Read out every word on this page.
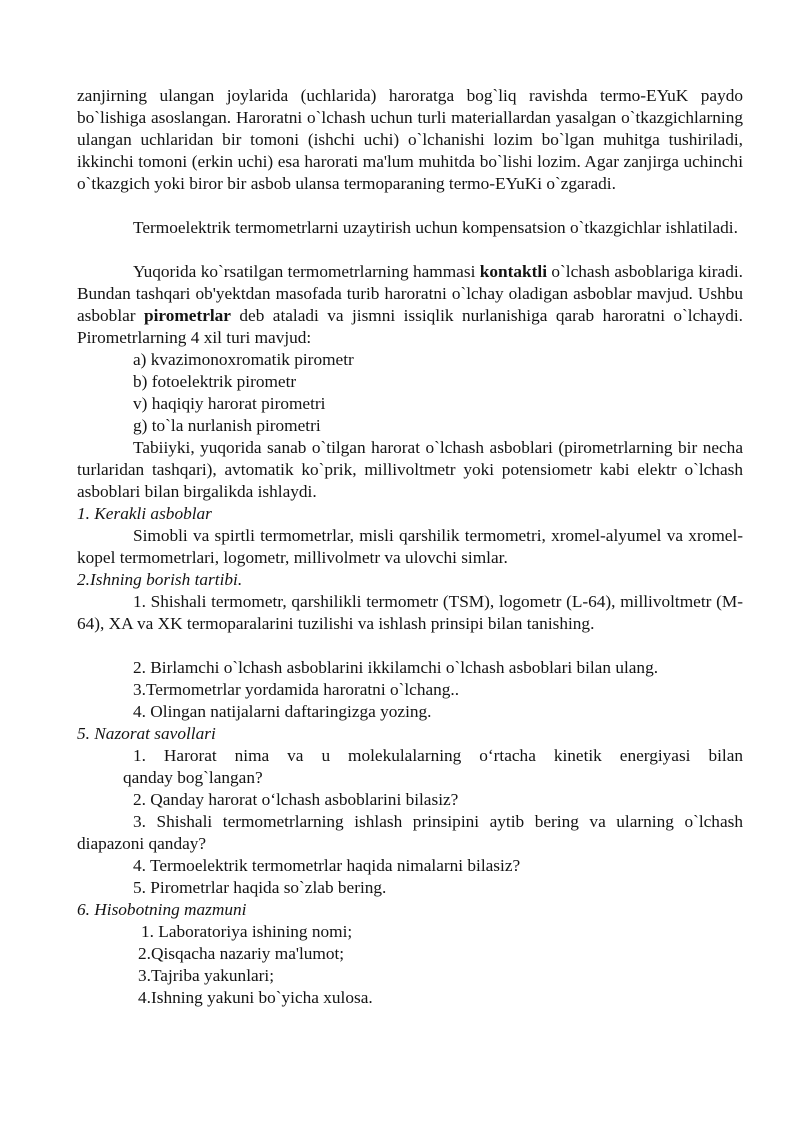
zanjirning ulangan joylarida (uchlarida) haroratga bog`liq ravishda termo-EYuK paydo bo`lishiga asoslangan. Haroratni o`lchash uchun turli materiallardan yasalgan o`tkazgichlarning ulangan uchlaridan bir tomoni (ishchi uchi) o`lchanishi lozim bo`lgan muhitga tushiriladi, ikkinchi tomoni (erkin uchi) esa harorati ma'lum muhitda bo`lishi lozim. Agar zanjirga uchinchi o`tkazgich yoki biror bir asbob ulansa termoparaning termo-EYuKi o`zgaradi.

Termoelektrik termometrlarni uzaytirish uchun kompensatsion o`tkazgichlar ishlatiladi.

Yuqorida ko`rsatilgan termometrlarning hammasi kontaktli o`lchash asboblariga kiradi. Bundan tashqari ob'yektdan masofada turib haroratni o`lchay oladigan asboblar mavjud. Ushbu asboblar pirometrlar deb ataladi va jismni issiqlik nurlanishiga qarab haroratni o`lchaydi. Pirometrlarning 4 xil turi mavjud:

a) kvazimonoxromatik pirometr
b) fotoelektrik pirometr
v) haqiqiy harorat pirometri
g) to`la nurlanish pirometri

Tabiiyki, yuqorida sanab o`tilgan harorat o`lchash asboblari (pirometrlarning bir necha turlaridan tashqari), avtomatik ko`prik, millivoltmetr yoki potensiometr kabi elektr o`lchash asboblari bilan birgalikda ishlaydi.

1. Kerakli asboblar

Simobli va spirtli termometrlar, misli qarshilik termometri, xromel-alyumel va xromel-kopel termometrlari, logometr, millivolmetr va ulovchi simlar.

2.Ishning borish tartibi.

1. Shishali termometr, qarshilikli termometr (TSM), logometr (L-64), millivoltmetr (M-64), XA va XK termoparalarini tuzilishi va ishlash prinsipi bilan tanishing.

2. Birlamchi o`lchash asboblarini ikkilamchi o`lchash asboblari bilan ulang.
3.Termometrlar yordamida haroratni o`lchang..
4. Olingan natijalarni daftaringizga yozing.
5. Nazorat savollari

1. Harorat nima va u molekulalarning o‘rtacha kinetik energiyasi bilan

qanday bog`langan?
2. Qanday harorat o‘lchash asboblarini bilasiz?

3. Shishali termometrlarning ishlash prinsipini aytib bering va ularning o`lchash diapazoni qanday?

4. Termoelektrik termometrlar haqida nimalarni bilasiz?
5. Pirometrlar haqida so`zlab bering.
6. Hisobotning mazmuni
1. Laboratoriya ishining nomi;
2.Qisqacha nazariy ma'lumot;
3.Tajriba yakunlari;
4.Ishning yakuni bo`yicha xulosa.
